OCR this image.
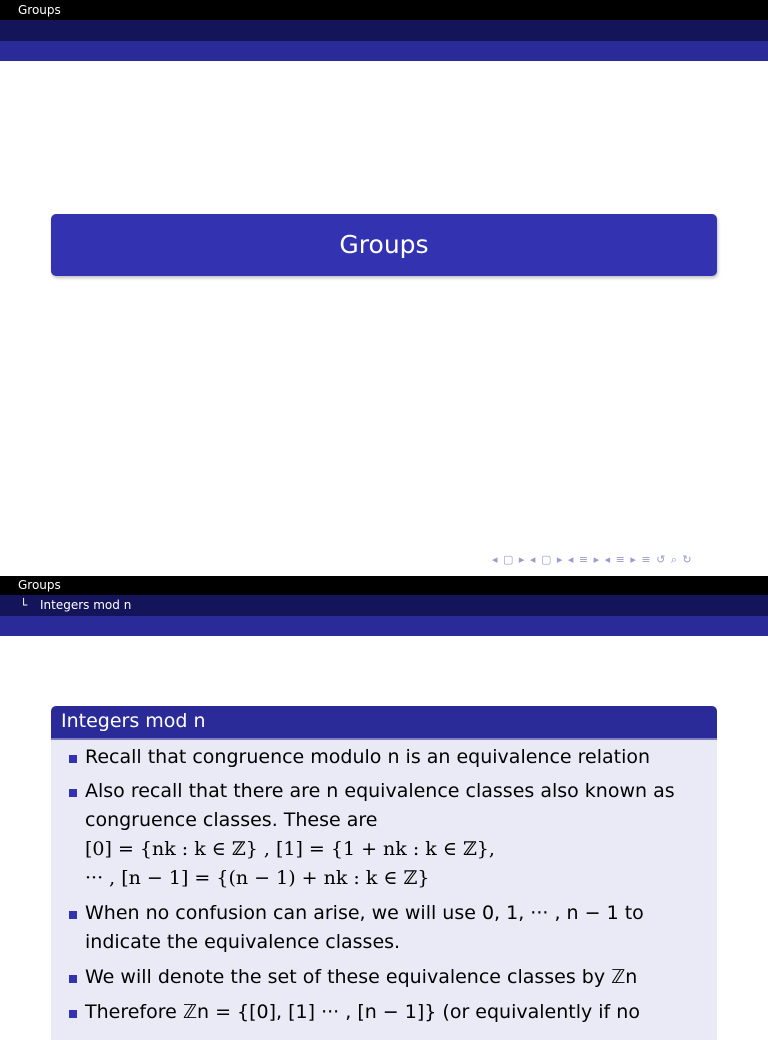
Groups
Groups
◂ ▢ ▸ ◂ ▢ ▸ ◂ ≡ ▸ ◂ ≡ ▸ ≡ ↺ ⌕ ↻
Groups
└ Integers mod n
Integers mod n
Recall that congruence modulo n is an equivalence relation
Also recall that there are n equivalence classes also known as
congruence classes. These are
[0] = {nk : k ∈ ℤ} , [1] = {1 + nk : k ∈ ℤ},
··· , [n − 1] = {(n − 1) + nk : k ∈ ℤ}
When no confusion can arise, we will use 0, 1, ··· , n − 1 to
indicate the equivalence classes.
We will denote the set of these equivalence classes by ℤn
Therefore ℤn = {[0], [1] ··· , [n − 1]} (or equivalently if no
